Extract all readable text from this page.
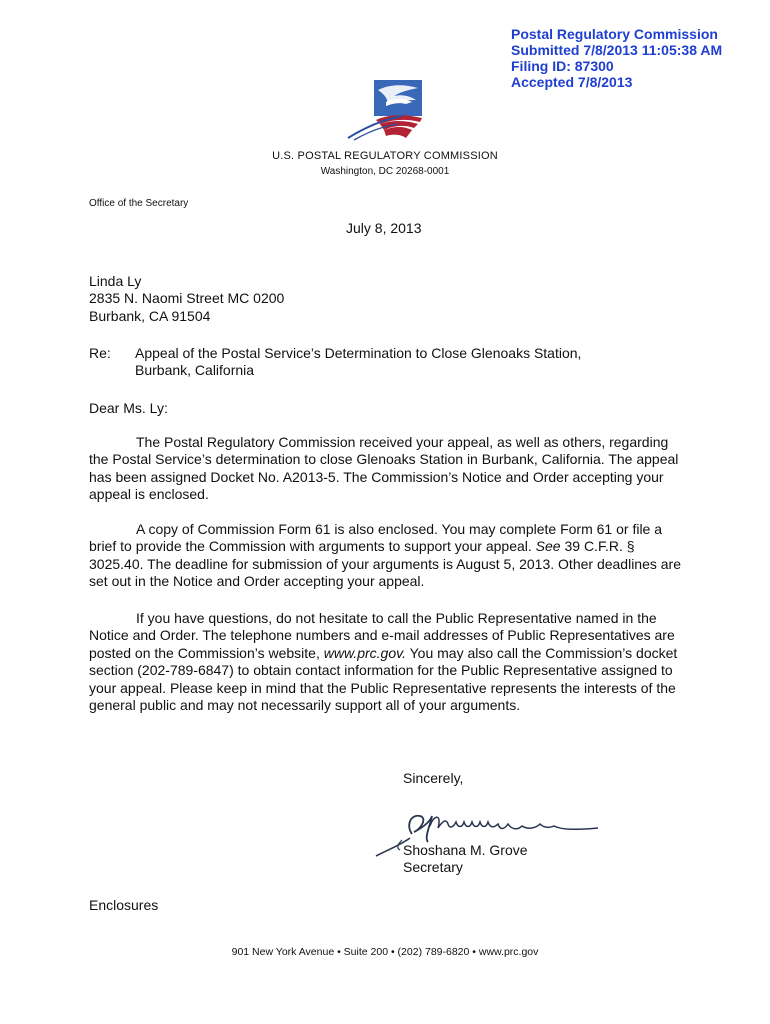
Postal Regulatory Commission
Submitted 7/8/2013 11:05:38 AM
Filing ID: 87300
Accepted 7/8/2013
U.S. POSTAL REGULATORY COMMISSION
Washington, DC 20268-0001
Office of the Secretary
July 8, 2013
Linda Ly
2835 N. Naomi Street MC 0200
Burbank, CA 91504
Re: Appeal of the Postal Service’s Determination to Close Glenoaks Station,
Burbank, California
Dear Ms. Ly:

The Postal Regulatory Commission received your appeal, as well as others, regarding the Postal Service’s determination to close Glenoaks Station in Burbank, California. The appeal has been assigned Docket No. A2013-5. The Commission’s Notice and Order accepting your appeal is enclosed.

A copy of Commission Form 61 is also enclosed. You may complete Form 61 or file a brief to provide the Commission with arguments to support your appeal. See 39 C.F.R. § 3025.40. The deadline for submission of your arguments is August 5, 2013. Other deadlines are set out in the Notice and Order accepting your appeal.

If you have questions, do not hesitate to call the Public Representative named in the Notice and Order. The telephone numbers and e-mail addresses of Public Representatives are posted on the Commission’s website, www.prc.gov. You may also call the Commission’s docket section (202-789-6847) to obtain contact information for the Public Representative assigned to your appeal. Please keep in mind that the Public Representative represents the interests of the general public and may not necessarily support all of your arguments.

Sincerely,
Shoshana M. Grove
Secretary
Enclosures
901 New York Avenue • Suite 200 • (202) 789-6820 • www.prc.gov
